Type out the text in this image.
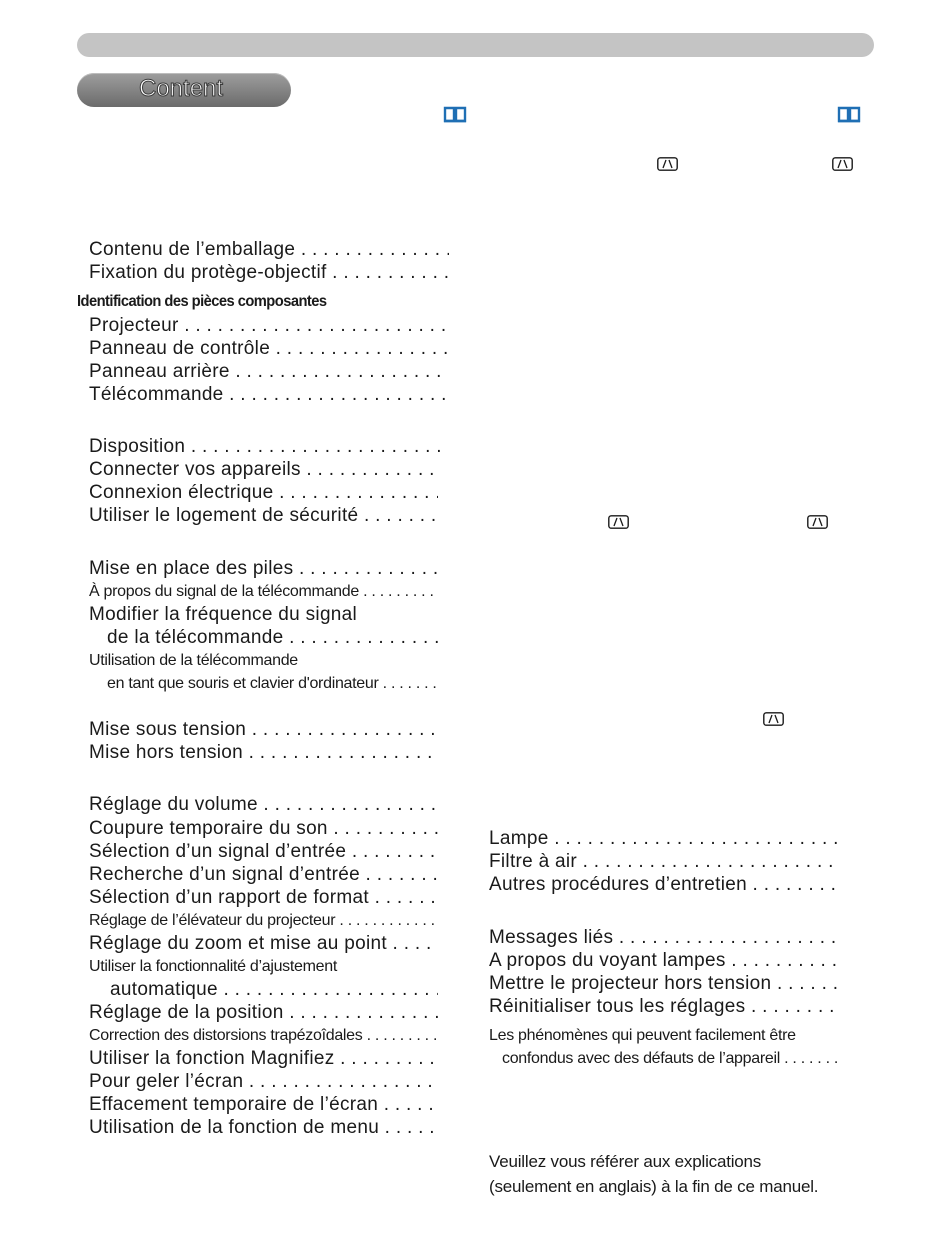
Content
Contenu de l’emballage . . .
Fixation du protège-objectif . . .
Identification des pièces composantes
Projecteur . . .
Panneau de contrôle . . .
Panneau arrière . . .
Télécommande . . .
Disposition . . .
Connecter vos appareils . . .
Connexion électrique . . .
Utiliser le logement de sécurité . . .
Mise en place des piles . . .
À propos du signal de la télécommande . . .
Modifier la fréquence du signal
de la télécommande . . .
Utilisation de la télécommande
en tant que souris et clavier d'ordinateur . . .
Mise sous tension . . .
Mise hors tension . . .
Réglage du volume . . .
Coupure temporaire du son . . .
Sélection d’un signal d’entrée . . .
Recherche d’un signal d’entrée . . .
Sélection d’un rapport de format . . .
Réglage de l’élévateur du projecteur . . .
Réglage du zoom et mise au point . . .
Utiliser la fonctionnalité d’ajustement
automatique . . .
Réglage de la position . . .
Correction des distorsions trapézoîdales . . .
Utiliser la fonction Magnifiez . . .
Pour geler l’écran . . .
Effacement temporaire de l’écran . . .
Utilisation de la fonction de menu . . .
Lampe . . .
Filtre à air . . .
Autres procédures d’entretien . . .
Messages liés . . .
A propos du voyant lampes . . .
Mettre le projecteur hors tension . . .
Réinitialiser tous les réglages . . .
Les phénomènes qui peuvent facilement être
confondus avec des défauts de l’appareil . . .
Veuillez vous référer aux explications
(seulement en anglais) à la fin de ce manuel.
